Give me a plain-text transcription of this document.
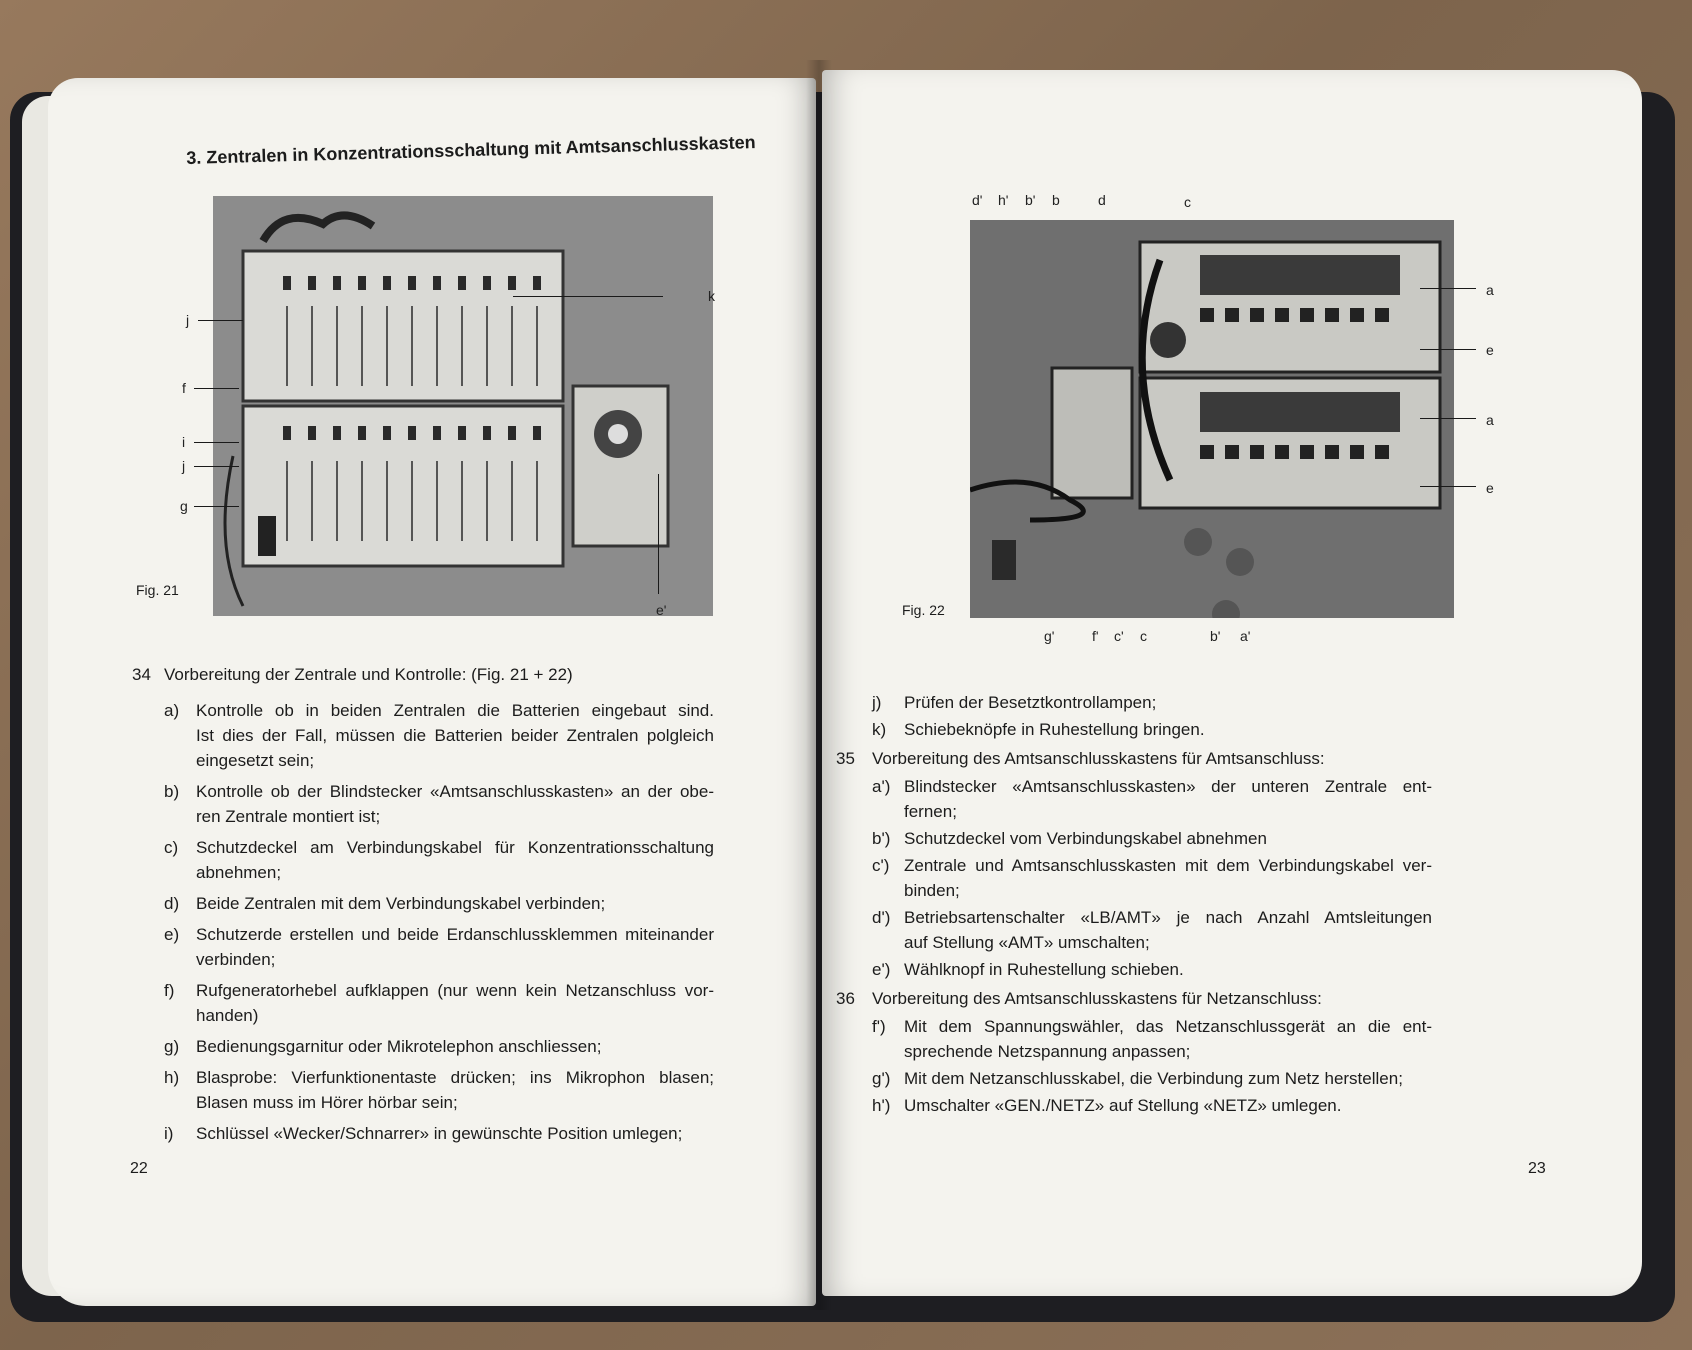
3. Zentralen in Konzentrationsschaltung mit Amtsanschlusskasten
k
j
f
i
j
g
e'
Fig. 21
34 Vorbereitung der Zentrale und Kontrolle: (Fig. 21 + 22)
a) Kontrolle ob in beiden Zentralen die Batterien eingebaut sind.
Ist dies der Fall, müssen die Batterien beider Zentralen polgleich
eingesetzt sein;
b) Kontrolle ob der Blindstecker «Amtsanschlusskasten» an der obe-
ren Zentrale montiert ist;
c) Schutzdeckel am Verbindungskabel für Konzentrationsschaltung
abnehmen;
d) Beide Zentralen mit dem Verbindungskabel verbinden;
e) Schutzerde erstellen und beide Erdanschlussklemmen miteinander
verbinden;
f) Rufgeneratorhebel aufklappen (nur wenn kein Netzanschluss vor-
handen)
g) Bedienungsgarnitur oder Mikrotelephon anschliessen;
h) Blasprobe: Vierfunktionentaste drücken; ins Mikrophon blasen;
Blasen muss im Hörer hörbar sein;
i) Schlüssel «Wecker/Schnarrer» in gewünschte Position umlegen;
22
d' h' b' b	d	c
a
e
a
e
Fig. 22
g'	f' c' c	b' a'
j) Prüfen der Besetztkontrollampen;
k) Schiebeknöpfe in Ruhestellung bringen.
35 Vorbereitung des Amtsanschlusskastens für Amtsanschluss:
a') Blindstecker «Amtsanschlusskasten» der unteren Zentrale ent-
fernen;
b') Schutzdeckel vom Verbindungskabel abnehmen
c') Zentrale und Amtsanschlusskasten mit dem Verbindungskabel ver-
binden;
d') Betriebsartenschalter «LB/AMT» je nach Anzahl Amtsleitungen
auf Stellung «AMT» umschalten;
e') Wählknopf in Ruhestellung schieben.
36 Vorbereitung des Amtsanschlusskastens für Netzanschluss:
f') Mit dem Spannungswähler, das Netzanschlussgerät an die ent-
sprechende Netzspannung anpassen;
g') Mit dem Netzanschlusskabel, die Verbindung zum Netz herstellen;
h') Umschalter «GEN./NETZ» auf Stellung «NETZ» umlegen.
23
